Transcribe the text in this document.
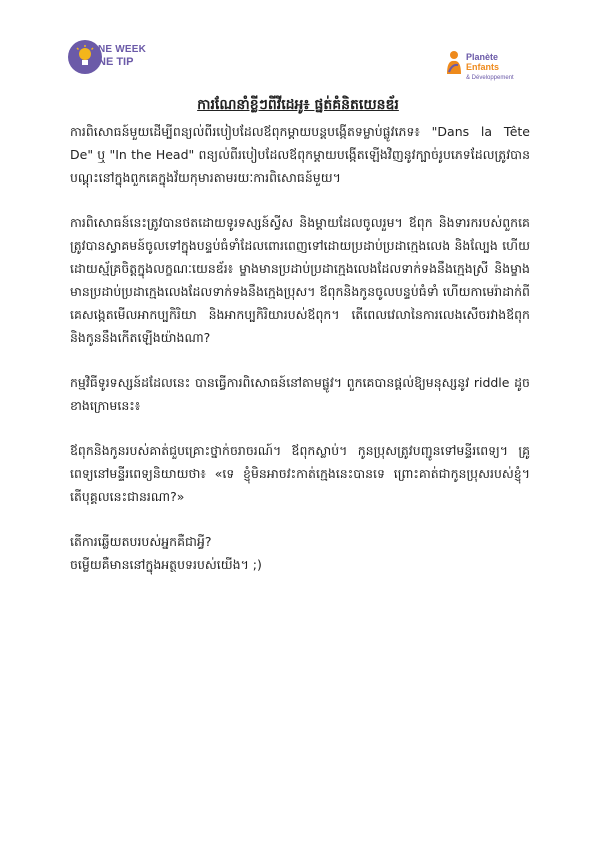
NE WEEK
NE TIP	Planète
Enfants
& Développement
ការណែនាំខ្លីៗពីវីដេអូ៖ ផ្នត់គំនិតយេនឌ័រ

ការពិសោធន៍មួយដើម្បីពន្យល់ពីរបៀបដែលឪពុកម្តាយបន្តបង្កើតទម្លាប់ផ្លូវភេទ៖ "Dans la Tête De" ឬ "In the Head" ពន្យល់ពីរបៀបដែលឪពុកម្តាយបង្កើតឡើងវិញនូវក្បាច់រូបភេទដែលត្រូវបានបណ្តុះនៅក្នុងពួកគេក្នុងវ័យកុមារតាមរយៈការពិសោធន៍មួយ។

ការពិសោធន៍នេះត្រូវបានថតដោយទូរទស្សន៍ស្វីស និងម្តាយដែលចូលរួម។ ឪពុក និងទារករបស់ពួកគេត្រូវបានស្វាគមន៍ចូលទៅក្នុងបន្ទប់ធំទាំដែលពោរពេញទៅដោយប្រដាប់ប្រដាក្មេងលេង និងល្បែង ហើយដោយស្ម័គ្រចិត្តក្នុងលក្ខណៈយេនឌ័រ៖ ម្ខាងមានប្រដាប់ប្រដាក្មេងលេងដែលទាក់ទងនឹងក្មេងស្រី និងម្ខាងមានប្រដាប់ប្រដាក្មេងលេងដែលទាក់ទងនឹងក្មេងប្រុស។ ឪពុកនិងកូនចូលបន្ទប់ធំទាំ ហើយកាមេរ៉ាដាក់ពីគេសង្កេតមើលអាកប្បកិរិយា និងអាកប្បកិរិយារបស់ឪពុក។ តើពេលវេលានៃការលេងសើចរវាងឪពុកនិងកូននឹងកើតឡើងយ៉ាងណា?

កម្មវិធីទូរទស្សន៍ដដែលនេះ បានធ្វើការពិសោធន៍នៅតាមផ្លូវ។ ពួកគេបានផ្តល់ឱ្យមនុស្សនូវ riddle ដូចខាងក្រោមនេះ៖

ឪពុកនិងកូនរបស់គាត់ជួបគ្រោះថ្នាក់ចរាចរណ៍។ ឪពុកស្លាប់។ កូនប្រុសត្រូវបញ្ជូនទៅមន្ទីរពេទ្យ។ គ្រូពេទ្យនៅមន្ទីរពេទ្យនិយាយថា៖ «ទេ ខ្ញុំមិនអាចវះកាត់ក្មេងនេះបានទេ ព្រោះគាត់ជាកូនប្រុសរបស់ខ្ញុំ។ តើបុគ្គលនេះជានរណា?»

តើការឆ្លើយតបរបស់អ្នកគឺជាអ្វី?
ចម្លើយគឺមាននៅក្នុងអត្ថបទរបស់យើង។ ;)
